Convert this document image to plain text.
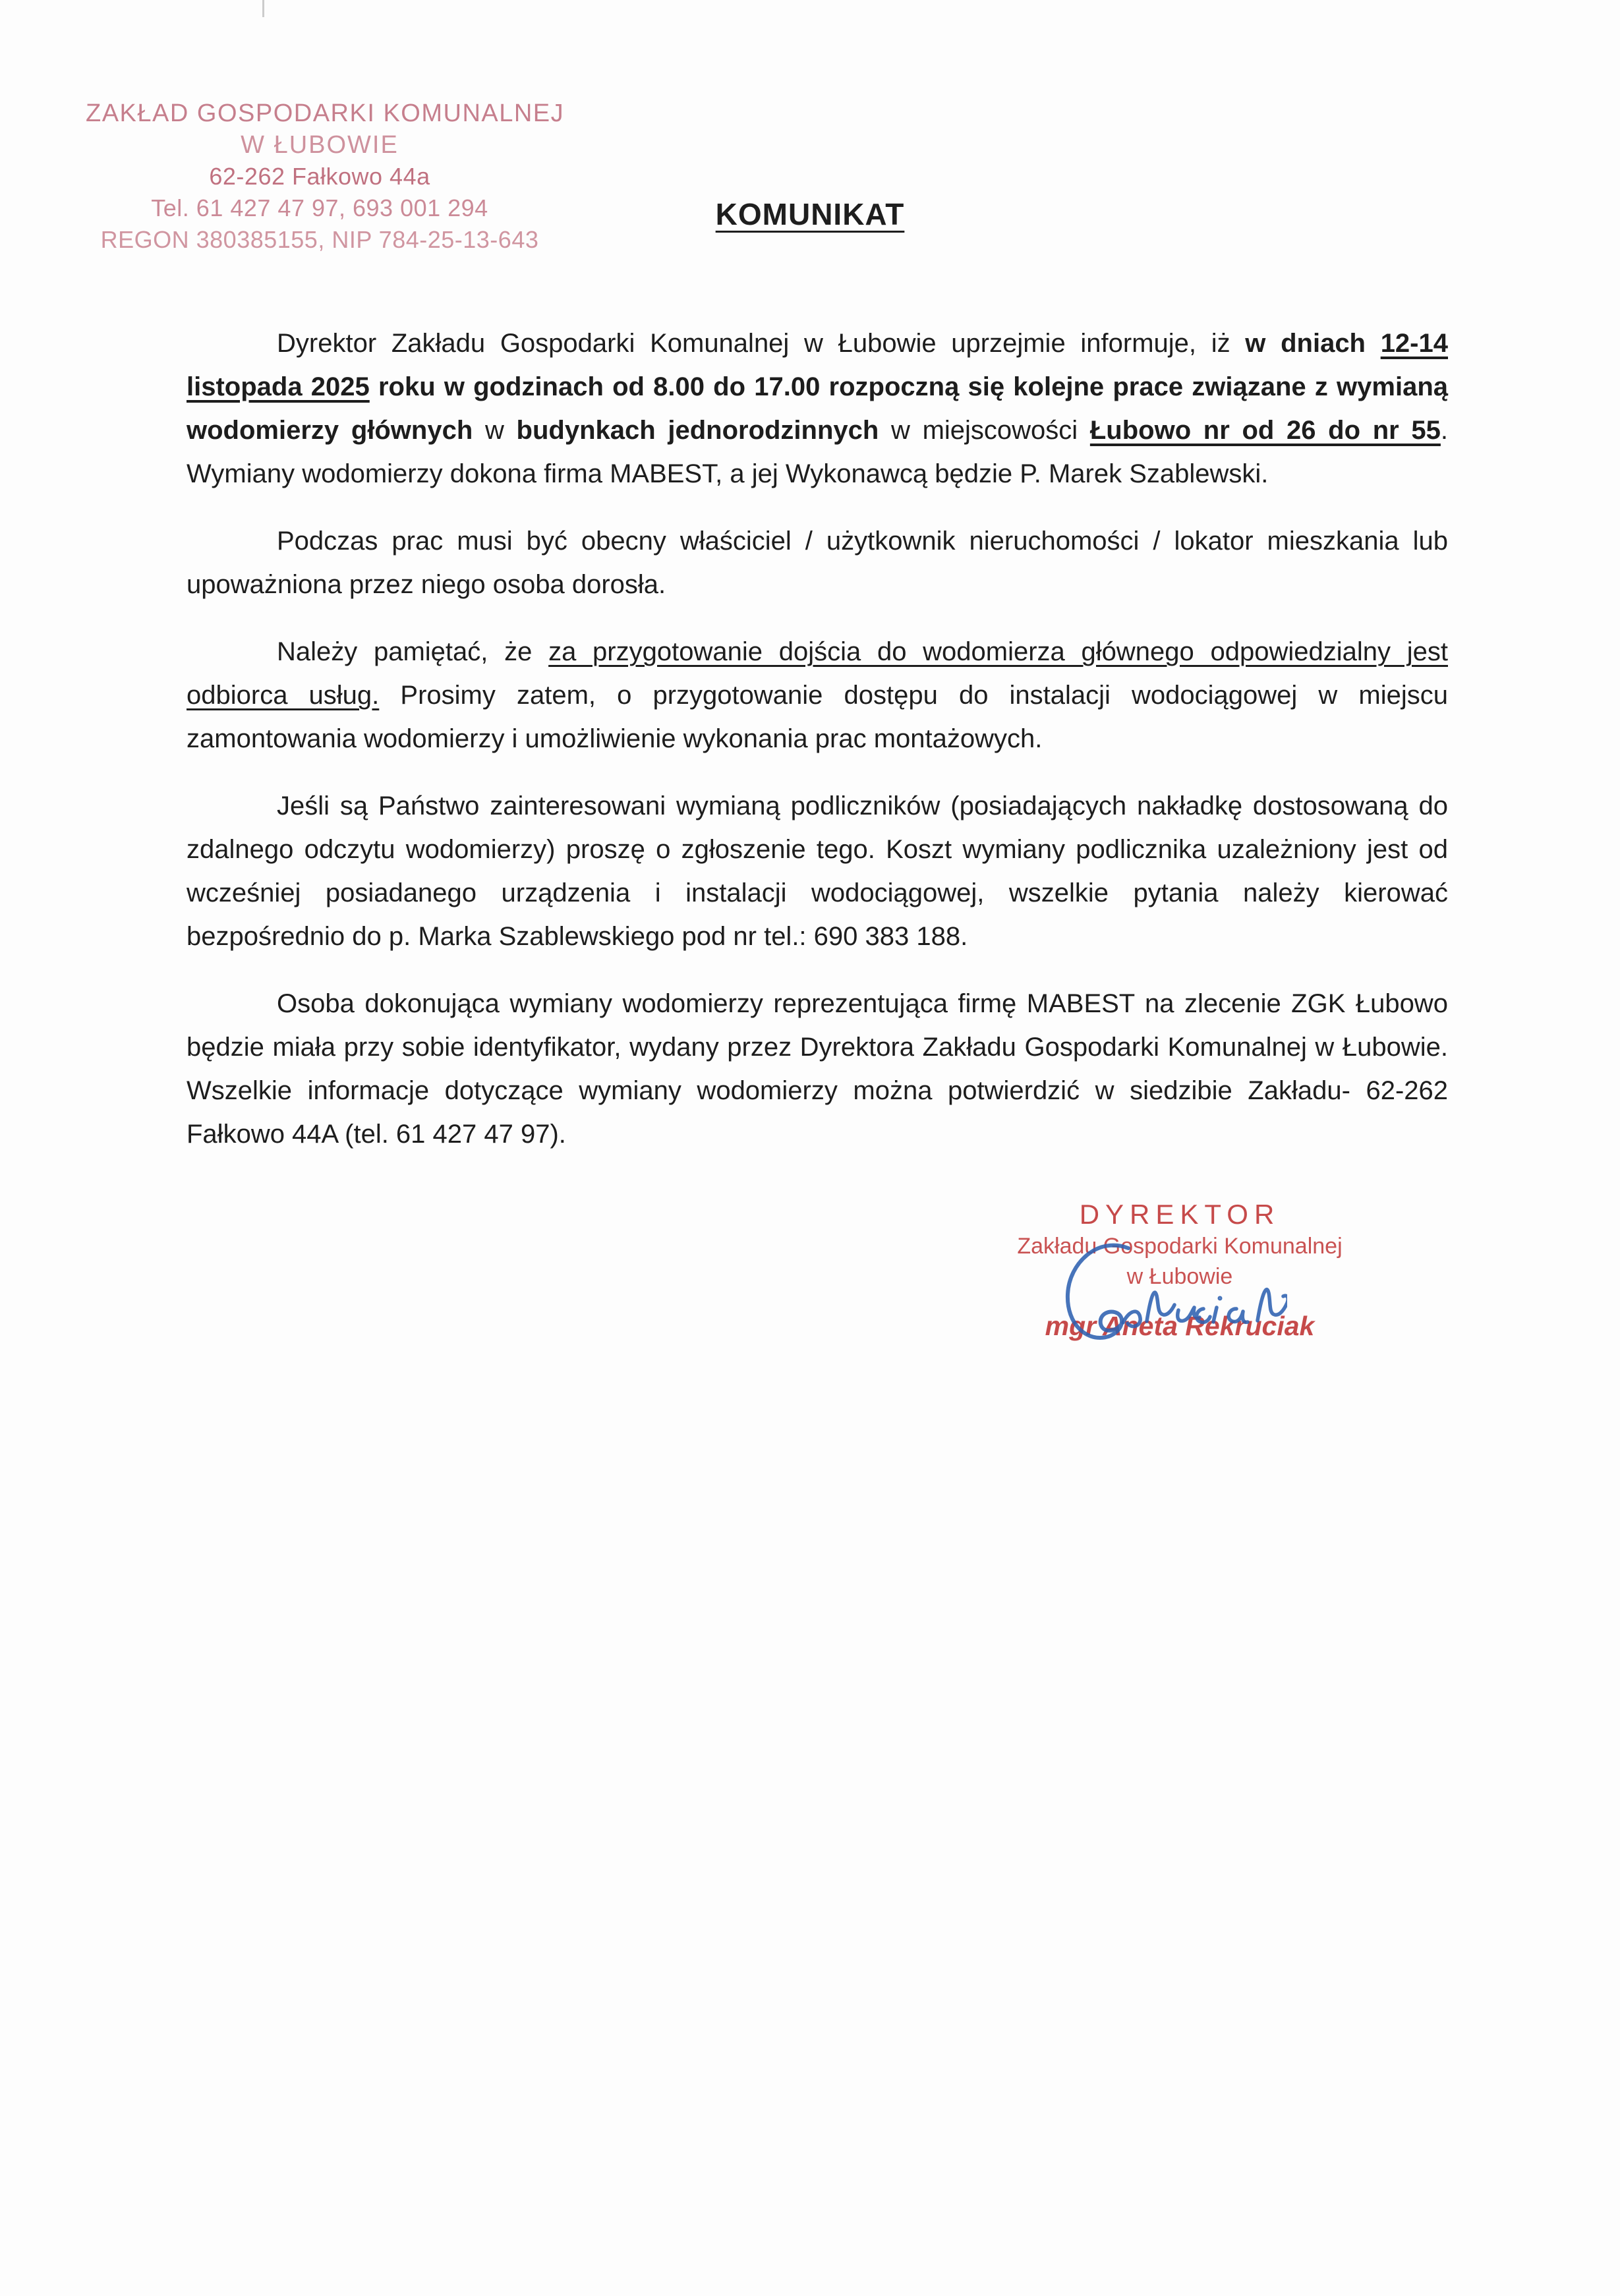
ZAKŁAD GOSPODARKI KOMUNALNEJ
W ŁUBOWIE
62-262 Fałkowo 44a
Tel. 61 427 47 97, 693 001 294
REGON 380385155, NIP 784-25-13-643
KOMUNIKAT

Dyrektor Zakładu Gospodarki Komunalnej w Łubowie uprzejmie informuje, iż w dniach 12-14 listopada 2025 roku w godzinach od 8.00 do 17.00 rozpoczną się kolejne prace związane z wymianą wodomierzy głównych w budynkach jednorodzinnych w miejscowości Łubowo nr od 26 do nr 55. Wymiany wodomierzy dokona firma MABEST, a jej Wykonawcą będzie P. Marek Szablewski.

Podczas prac musi być obecny właściciel / użytkownik nieruchomości / lokator mieszkania lub upoważniona przez niego osoba dorosła.

Należy pamiętać, że za przygotowanie dojścia do wodomierza głównego odpowiedzialny jest odbiorca usług. Prosimy zatem, o przygotowanie dostępu do instalacji wodociągowej w miejscu zamontowania wodomierzy i umożliwienie wykonania prac montażowych.

Jeśli są Państwo zainteresowani wymianą podliczników (posiadających nakładkę dostosowaną do zdalnego odczytu wodomierzy) proszę o zgłoszenie tego. Koszt wymiany podlicznika uzależniony jest od wcześniej posiadanego urządzenia i instalacji wodociągowej, wszelkie pytania należy kierować bezpośrednio do p. Marka Szablewskiego pod nr tel.: 690 383 188.

Osoba dokonująca wymiany wodomierzy reprezentująca firmę MABEST na zlecenie ZGK Łubowo będzie miała przy sobie identyfikator, wydany przez Dyrektora Zakładu Gospodarki Komunalnej w Łubowie. Wszelkie informacje dotyczące wymiany wodomierzy można potwierdzić w siedzibie Zakładu- 62-262 Fałkowo 44A (tel. 61 427 47 97).

DYREKTOR
Zakładu Gospodarki Komunalnej
w Łubowie
mgr Aneta Rekruciak
